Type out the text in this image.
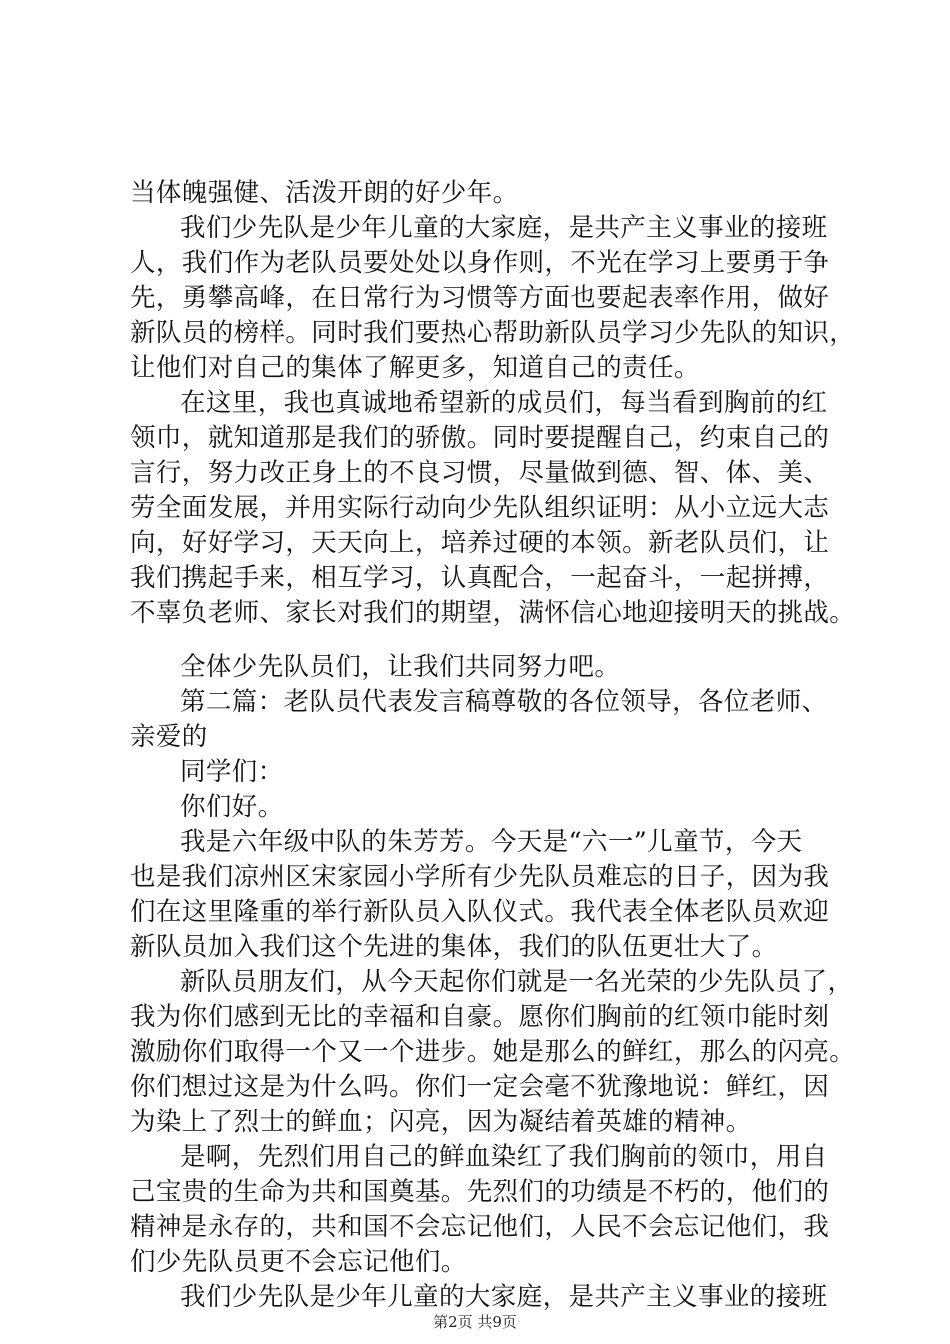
当体魄强健、活泼开朗的好少年。
我们少先队是少年儿童的大家庭，是共产主义事业的接班
人，我们作为老队员要处处以身作则，不光在学习上要勇于争
先，勇攀高峰，在日常行为习惯等方面也要起表率作用，做好
新队员的榜样。同时我们要热心帮助新队员学习少先队的知识，
让他们对自己的集体了解更多，知道自己的责任。
在这里，我也真诚地希望新的成员们，每当看到胸前的红
领巾，就知道那是我们的骄傲。同时要提醒自己，约束自己的
言行，努力改正身上的不良习惯，尽量做到德、智、体、美、
劳全面发展，并用实际行动向少先队组织证明：从小立远大志
向，好好学习，天天向上，培养过硬的本领。新老队员们，让
我们携起手来，相互学习，认真配合，一起奋斗，一起拼搏，
不辜负老师、家长对我们的期望，满怀信心地迎接明天的挑战。
全体少先队员们，让我们共同努力吧。
第二篇：老队员代表发言稿尊敬的各位领导，各位老师、
亲爱的
同学们：
你们好。
我是六年级中队的朱芳芳。今天是“六一”儿童节，今天
也是我们凉州区宋家园小学所有少先队员难忘的日子，因为我
们在这里隆重的举行新队员入队仪式。我代表全体老队员欢迎
新队员加入我们这个先进的集体，我们的队伍更壮大了。
新队员朋友们，从今天起你们就是一名光荣的少先队员了，
我为你们感到无比的幸福和自豪。愿你们胸前的红领巾能时刻
激励你们取得一个又一个进步。她是那么的鲜红，那么的闪亮。
你们想过这是为什么吗。你们一定会毫不犹豫地说：鲜红，因
为染上了烈士的鲜血；闪亮，因为凝结着英雄的精神。
是啊，先烈们用自己的鲜血染红了我们胸前的领巾，用自
己宝贵的生命为共和国奠基。先烈们的功绩是不朽的，他们的
精神是永存的，共和国不会忘记他们，人民不会忘记他们，我
们少先队员更不会忘记他们。
我们少先队是少年儿童的大家庭，是共产主义事业的接班
第2页 共9页
